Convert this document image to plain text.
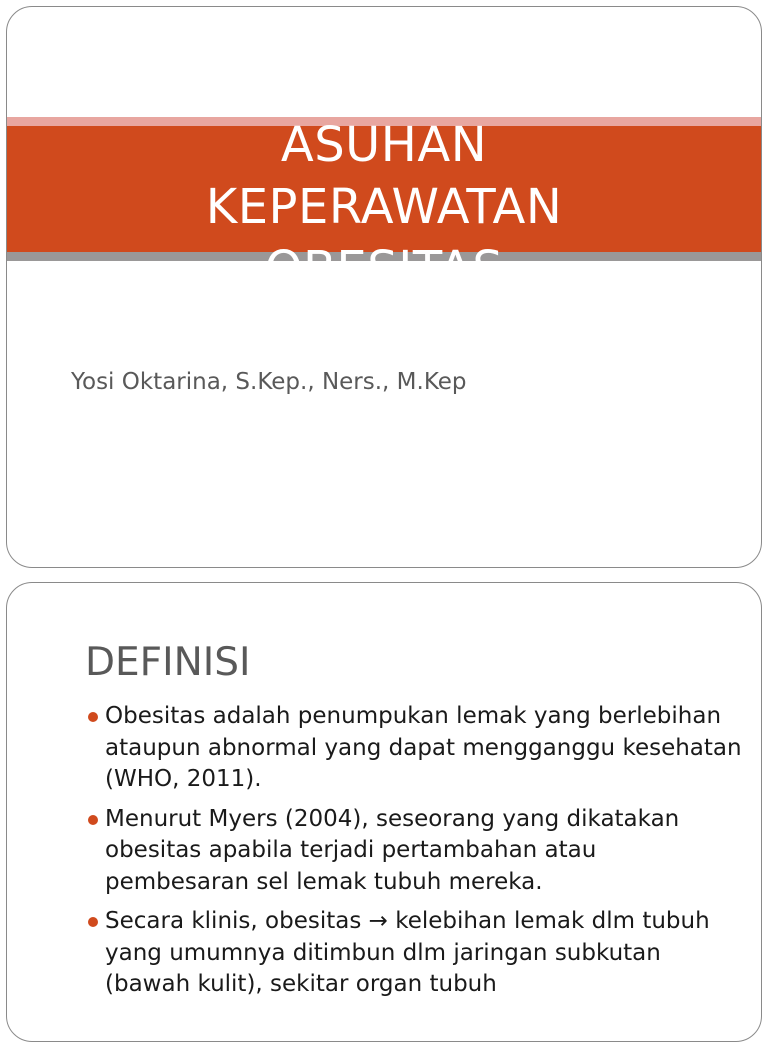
ASUHAN
KEPERAWATAN
OBESITAS
Yosi Oktarina, S.Kep., Ners., M.Kep
DEFINISI
Obesitas adalah penumpukan lemak yang berlebihan ataupun abnormal yang dapat mengganggu kesehatan (WHO, 2011).
Menurut Myers (2004), seseorang yang dikatakan obesitas apabila terjadi pertambahan atau pembesaran sel lemak tubuh mereka.
Secara klinis, obesitas → kelebihan lemak dlm tubuh yang umumnya ditimbun dlm jaringan subkutan (bawah kulit), sekitar organ tubuh
